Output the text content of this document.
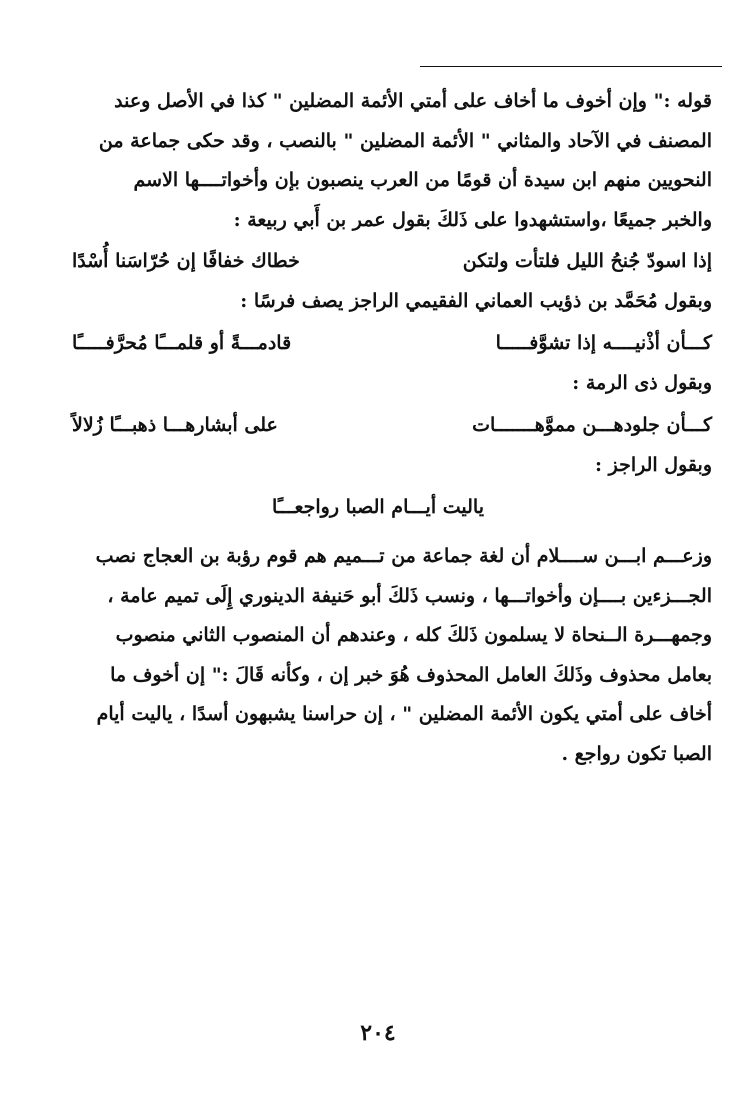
قوله :" وإن أخوف ما أخاف على أمتي الأئمة المضلين " كذا في الأصل وعند
المصنف في الآحاد والمثاني " الأئمة المضلين " بالنصب ، وقد حكى جماعة من
النحويين منهم ابن سيدة أن قومًا من العرب ينصبون بإن وأخواتــــها الاسم
والخبر جميعًا ،واستشهدوا على ذَلكَ بقول عمر بن أَبي ربيعة :
إذا اسودّ جُنحُ الليل فلتأت ولتكن
خطاك خفافًا إن حُرّاسَنا أُسْدًا
وبقول مُحَمَّد بن ذؤيب العماني الفقيمي الراجز يصف فرسًا :
كـــأن أذْنيــــه إذا تشوَّفـــــا
قادمـــةً أو قلمـــًا مُحرَّفـــــًا
وبقول ذى الرمة :
كـــأن جلودهـــن مموَّهـــــــات
على أبشارهـــا ذهبـــًا زُلالاً
وبقول الراجز :
ياليت أيـــام الصبا رواجعـــًا
وزعـــم ابـــن ســــلام أن لغة جماعة من تـــميم هم قوم رؤبة بن العجاج نصب
الجـــزءين بــــإن وأخواتـــها ، ونسب ذَلكَ أبو حَنيفة الدينوري إِلَى تميم عامة ،
وجمهـــرة الــنحاة لا يسلمون ذَلكَ كله ، وعندهم أن المنصوب الثاني منصوب
بعامل محذوف وذَلكَ العامل المحذوف هُوَ خبر إن ، وكأنه قَالَ :" إن أخوف ما
أخاف على أمتي يكون الأئمة المضلين " ، إن حراسنا يشبهون أسدًا ، ياليت أيام
الصبا تكون رواجع .
٢٠٤
